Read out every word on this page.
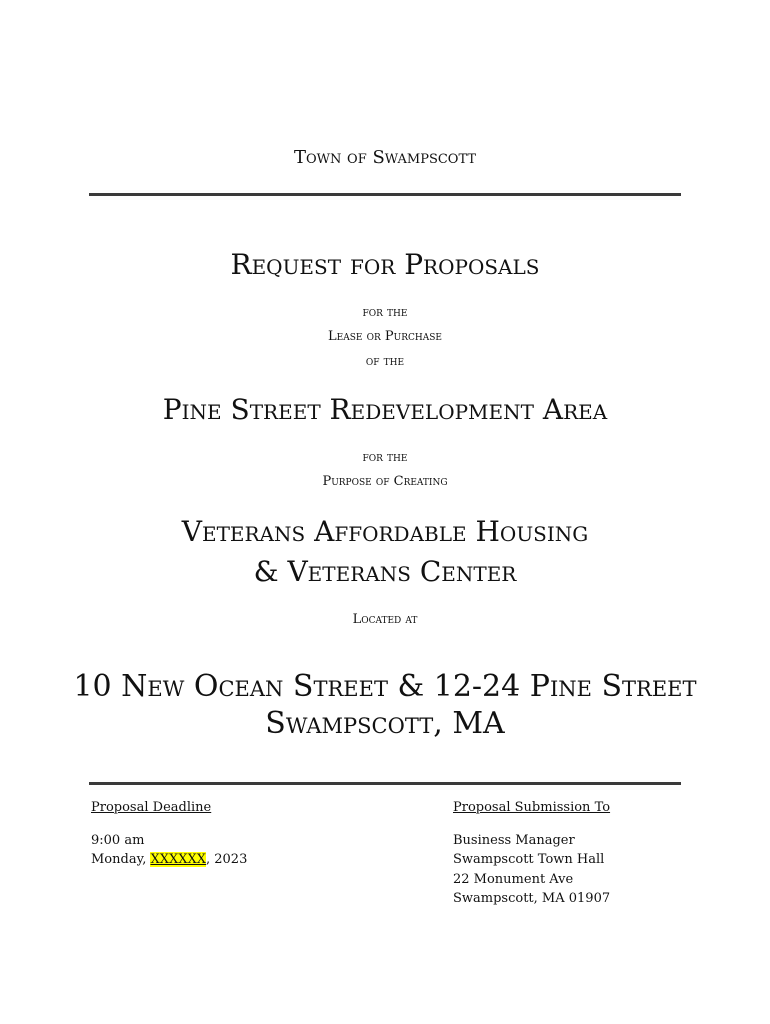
Town of Swampscott
Request for Proposals
for the
Lease or Purchase
of the
Pine Street Redevelopment Area
for the
Purpose of Creating
Veterans Affordable Housing
& Veterans Center
Located at
10 New Ocean Street & 12-24 Pine Street
Swampscott, MA
Proposal Deadline
9:00 am
Monday, XXXXXX, 2023
Proposal Submission To
Business Manager
Swampscott Town Hall
22 Monument Ave
Swampscott, MA 01907
